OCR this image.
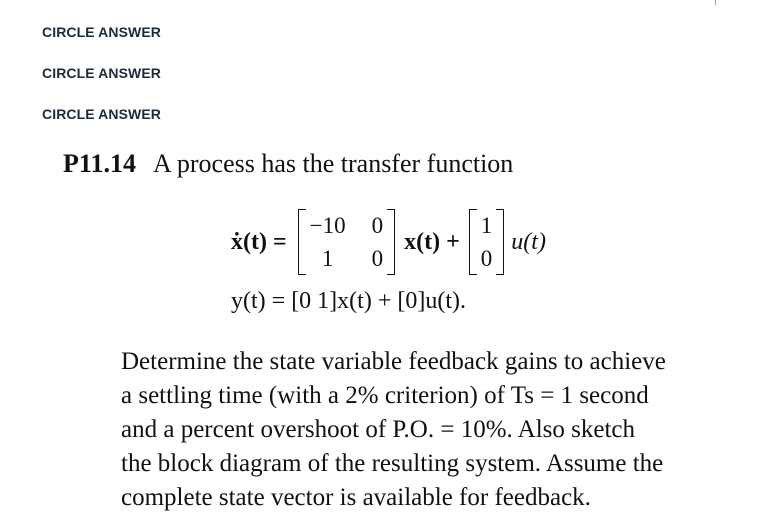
CIRCLE ANSWER
CIRCLE ANSWER
CIRCLE ANSWER
P11.14 A process has the transfer function
ẋ(t) =
−10 0
1	0
x(t) +
1
0
u(t)
y(t) = [0 1]x(t) + [0]u(t).
Determine the state variable feedback gains to achieve
a settling time (with a 2% criterion) of Ts = 1 second
and a percent overshoot of P.O. = 10%. Also sketch
the block diagram of the resulting system. Assume the
complete state vector is available for feedback.
